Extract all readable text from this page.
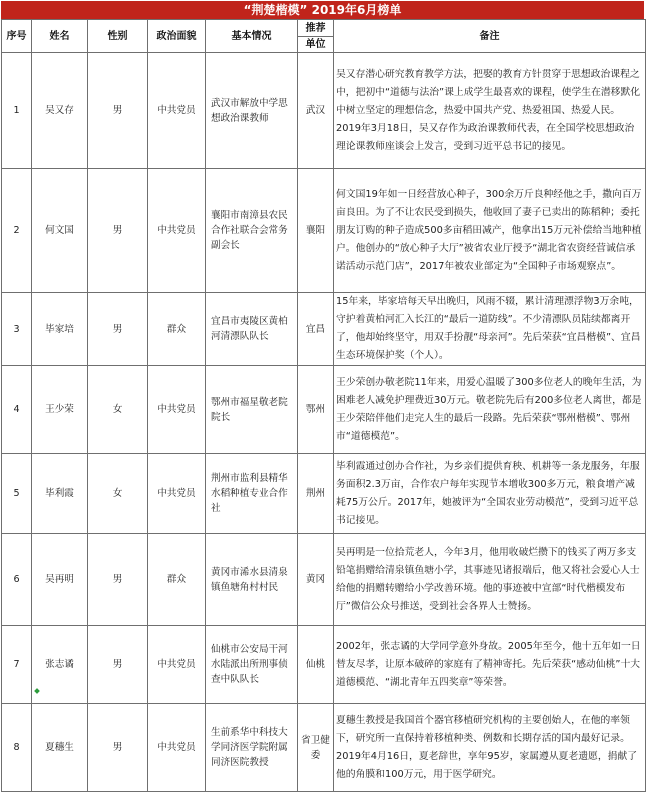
“荆楚楷模” 2019年6月榜单
序号	姓名	性别	政治面貌	基本情况	推荐	备注
					单位	
1	吴又存	男	中共党员	武汉市解放中学思想政治课教师	武汉	吴又存潜心研究教育教学方法，把娶的教育方针贯穿于思想政治课程之中，把初中“道德与法治”课上成学生最喜欢的课程，使学生在潜移默化中树立坚定的理想信念，热爱中国共产党、热爱祖国、热爱人民。2019年3月18日，吴又存作为政治课教师代表，在全国学校思想政治理论课教师座谈会上发言，受到习近平总书记的接见。
2	何文国	男	中共党员	襄阳市南漳县农民合作社联合会常务副会长	襄阳	何文国19年如一日经营放心种子，300余万斤良种经他之手，撒向百万亩良田。为了不让农民受到损失，他收回了妻子已卖出的陈稻种；委托朋友订购的种子造成500多亩稻田减产，他拿出15万元补偿给当地种植户。他创办的“放心种子大厅”被省农业厅授予“湖北省农资经营诚信承诺活动示范门店”，2017年被农业部定为“全国种子市场观察点”。
3	毕家培	男	群众	宜昌市夷陵区黄柏河清漂队队长	宜昌	15年来，毕家培每天早出晚归，风雨不辍，累计清理漂浮物3万余吨，守护着黄柏河汇入长江的“最后一道防线”。不少清漂队员陆续都离开了，他却始终坚守，用双手扮靓“母亲河”。先后荣获“宜昌楷模”、宜昌生态环境保护奖（个人）。
4	王少荣	女	中共党员	鄂州市福星敬老院院长	鄂州	王少荣创办敬老院11年来，用爱心温暖了300多位老人的晚年生活，为困难老人减免护理费近30万元。敬老院先后有200多位老人离世，都是王少荣陪伴他们走完人生的最后一段路。先后荣获“鄂州楷模”、鄂州市“道德模范”。
5	毕利霞	女	中共党员	荆州市监利县精华水稻种植专业合作社	荆州	毕利霞通过创办合作社，为乡亲们提供育秧、机耕等一条龙服务，年服务面积2.3万亩，合作农户每年实现节本增收300多万元，粮食增产减耗75万公斤。2017年，她被评为“全国农业劳动模范”，受到习近平总书记接见。
6	吴再明	男	群众	黄冈市浠水县清泉镇鱼塘角村村民	黄冈	吴再明是一位拾荒老人，今年3月，他用收破烂攒下的钱买了两万多支铅笔捐赠给清泉镇鱼塘小学，其事迹见诸报端后，他又将社会爱心人士给他的捐赠转赠给小学改善环境。他的事迹被中宣部“时代楷模发布厅”微信公众号推送，受到社会各界人士赞扬。
7	张志谲	男	中共党员	仙桃市公安局干河水陆派出所刑事侦查中队队长	仙桃	2002年，张志谲的大学同学意外身故。2005年至今，他十五年如一日替友尽孝，让原本破碎的家庭有了精神寄托。先后荣获“感动仙桃”十大道德模范、“湖北青年五四奖章”等荣誉。
8	夏穗生	男	中共党员	生前系华中科技大学同济医学院附属同济医院教授	省卫健委	夏穗生教授是我国首个器官移植研究机构的主要创始人，在他的率领下，研究所一直保持着移植种类、例数和长期存活的国内最好记录。2019年4月16日，夏老辞世，享年95岁，家属遵从夏老遗愿，捐献了他的角膜和100万元，用于医学研究。
